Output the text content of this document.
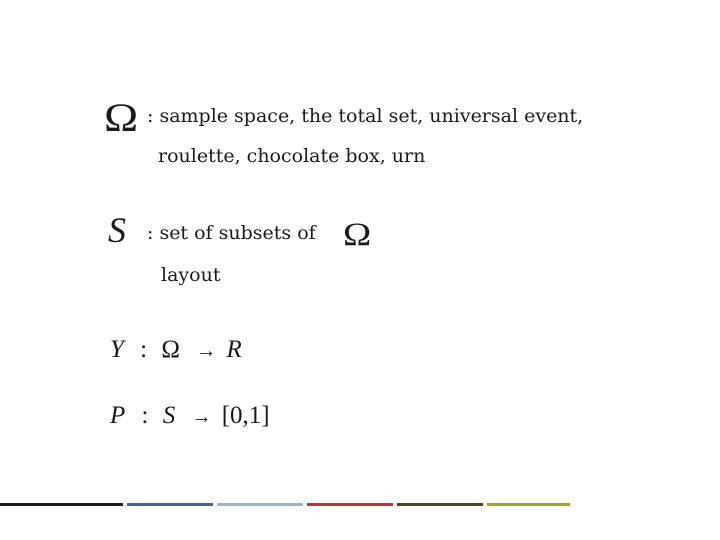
Ω : sample space, the total set, universal event,
roulette, chocolate box, urn
S : set of subsets of Ω
layout
Y : Ω → R
P : S → [0,1]
